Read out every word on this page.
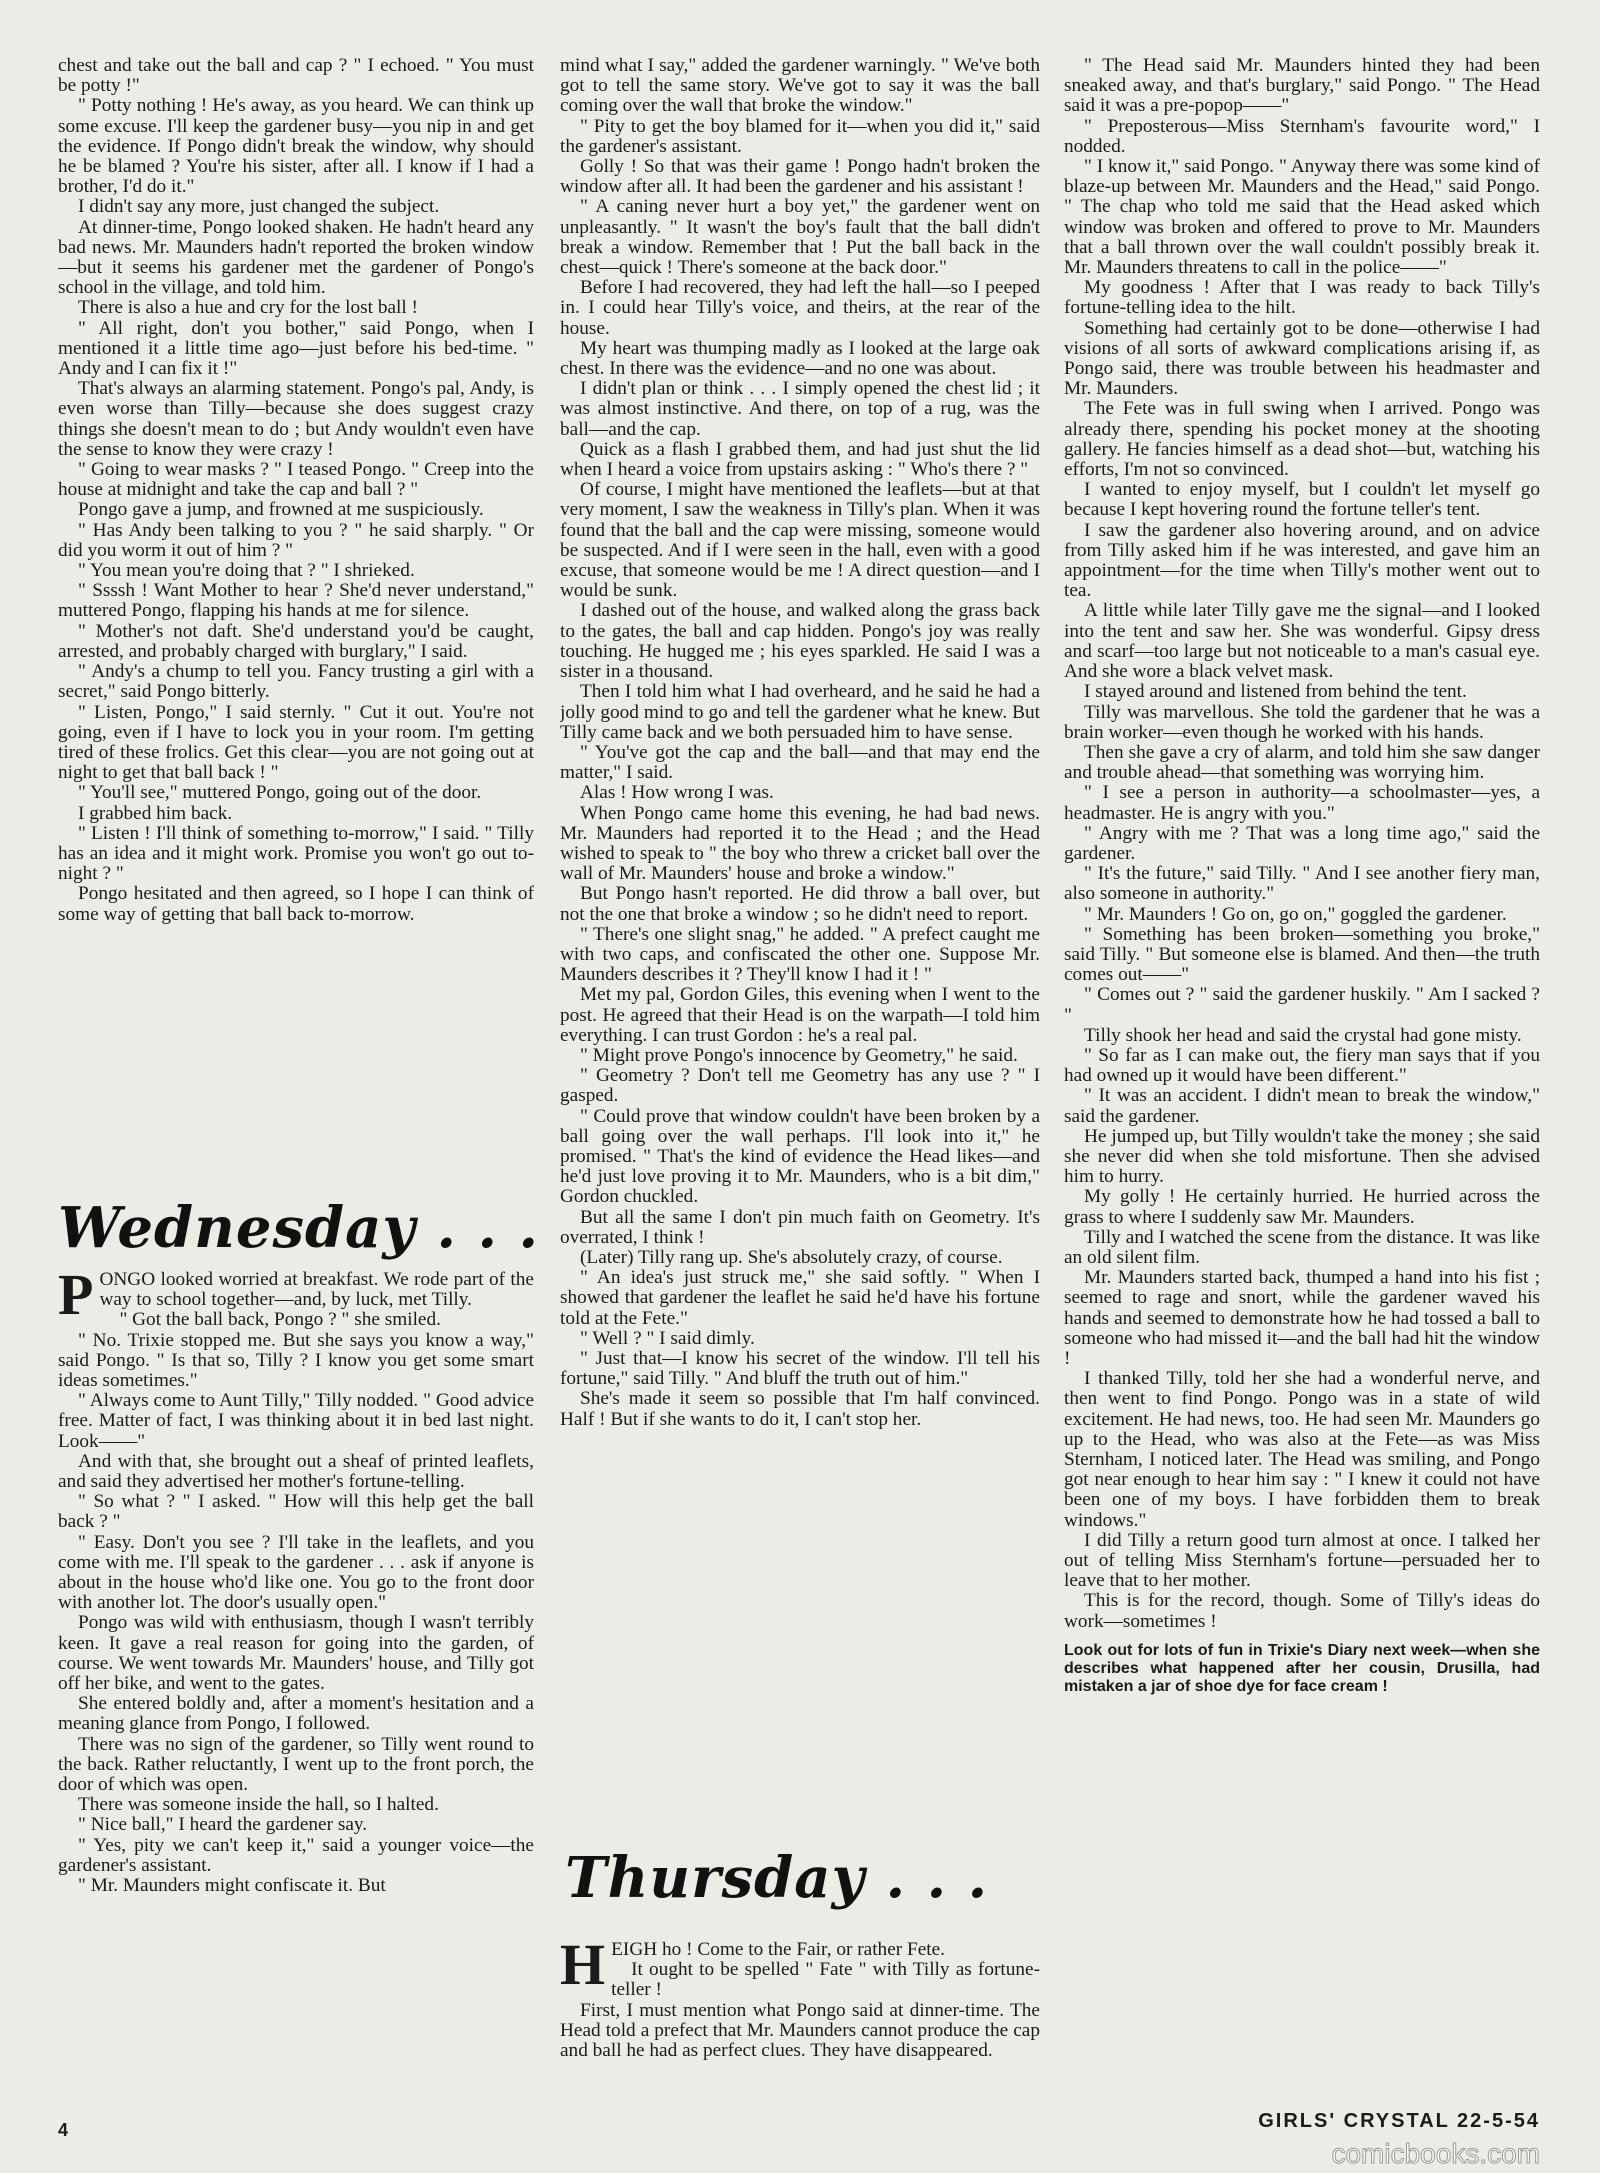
chest and take out the ball and cap ? " I echoed. " You must be potty !"

" Potty nothing ! He's away, as you heard. We can think up some excuse. I'll keep the gardener busy—you nip in and get the evidence. If Pongo didn't break the window, why should he be blamed ? You're his sister, after all. I know if I had a brother, I'd do it."

I didn't say any more, just changed the subject.

At dinner-time, Pongo looked shaken. He hadn't heard any bad news. Mr. Maunders hadn't reported the broken window—but it seems his gardener met the gardener of Pongo's school in the village, and told him.

There is also a hue and cry for the lost ball !

" All right, don't you bother," said Pongo, when I mentioned it a little time ago—just before his bed-time. " Andy and I can fix it !"

That's always an alarming statement. Pongo's pal, Andy, is even worse than Tilly—because she does suggest crazy things she doesn't mean to do ; but Andy wouldn't even have the sense to know they were crazy !

" Going to wear masks ? " I teased Pongo. " Creep into the house at midnight and take the cap and ball ? "

Pongo gave a jump, and frowned at me suspiciously.

" Has Andy been talking to you ? " he said sharply. " Or did you worm it out of him ? "

" You mean you're doing that ? " I shrieked.

" Ssssh ! Want Mother to hear ? She'd never understand," muttered Pongo, flapping his hands at me for silence.

" Mother's not daft. She'd understand you'd be caught, arrested, and probably charged with burglary," I said.

" Andy's a chump to tell you. Fancy trusting a girl with a secret," said Pongo bitterly.

" Listen, Pongo," I said sternly. " Cut it out. You're not going, even if I have to lock you in your room. I'm getting tired of these frolics. Get this clear—you are not going out at night to get that ball back ! "

" You'll see," muttered Pongo, going out of the door.

I grabbed him back.

" Listen ! I'll think of something to-morrow," I said. " Tilly has an idea and it might work. Promise you won't go out to-night ? "

Pongo hesitated and then agreed, so I hope I can think of some way of getting that ball back to-morrow.

Wednesday . . .

PONGO looked worried at breakfast. We rode part of the way to school together—and, by luck, met Tilly.

" Got the ball back, Pongo ? " she smiled.

" No. Trixie stopped me. But she says you know a way," said Pongo. " Is that so, Tilly ? I know you get some smart ideas sometimes."

" Always come to Aunt Tilly," Tilly nodded. " Good advice free. Matter of fact, I was thinking about it in bed last night. Look——"

And with that, she brought out a sheaf of printed leaflets, and said they advertised her mother's fortune-telling.

" So what ? " I asked. " How will this help get the ball back ? "

" Easy. Don't you see ? I'll take in the leaflets, and you come with me. I'll speak to the gardener . . . ask if anyone is about in the house who'd like one. You go to the front door with another lot. The door's usually open."

Pongo was wild with enthusiasm, though I wasn't terribly keen. It gave a real reason for going into the garden, of course. We went towards Mr. Maunders' house, and Tilly got off her bike, and went to the gates.

She entered boldly and, after a moment's hesitation and a meaning glance from Pongo, I followed.

There was no sign of the gardener, so Tilly went round to the back. Rather reluctantly, I went up to the front porch, the door of which was open.

There was someone inside the hall, so I halted.

" Nice ball," I heard the gardener say.

" Yes, pity we can't keep it," said a younger voice—the gardener's assistant.

" Mr. Maunders might confiscate it. But

mind what I say," added the gardener warningly. " We've both got to tell the same story. We've got to say it was the ball coming over the wall that broke the window."

" Pity to get the boy blamed for it—when you did it," said the gardener's assistant.

Golly ! So that was their game ! Pongo hadn't broken the window after all. It had been the gardener and his assistant !

" A caning never hurt a boy yet," the gardener went on unpleasantly. " It wasn't the boy's fault that the ball didn't break a window. Remember that ! Put the ball back in the chest—quick ! There's someone at the back door."

Before I had recovered, they had left the hall—so I peeped in. I could hear Tilly's voice, and theirs, at the rear of the house.

My heart was thumping madly as I looked at the large oak chest. In there was the evidence—and no one was about.

I didn't plan or think . . . I simply opened the chest lid ; it was almost instinctive. And there, on top of a rug, was the ball—and the cap.

Quick as a flash I grabbed them, and had just shut the lid when I heard a voice from upstairs asking : " Who's there ? "

Of course, I might have mentioned the leaflets—but at that very moment, I saw the weakness in Tilly's plan. When it was found that the ball and the cap were missing, someone would be suspected. And if I were seen in the hall, even with a good excuse, that someone would be me ! A direct question—and I would be sunk.

I dashed out of the house, and walked along the grass back to the gates, the ball and cap hidden. Pongo's joy was really touching. He hugged me ; his eyes sparkled. He said I was a sister in a thousand.

Then I told him what I had overheard, and he said he had a jolly good mind to go and tell the gardener what he knew. But Tilly came back and we both persuaded him to have sense.

" You've got the cap and the ball—and that may end the matter," I said.

Alas ! How wrong I was.

When Pongo came home this evening, he had bad news. Mr. Maunders had reported it to the Head ; and the Head wished to speak to " the boy who threw a cricket ball over the wall of Mr. Maunders' house and broke a window."

But Pongo hasn't reported. He did throw a ball over, but not the one that broke a window ; so he didn't need to report.

" There's one slight snag," he added. " A prefect caught me with two caps, and confiscated the other one. Suppose Mr. Maunders describes it ? They'll know I had it ! "

Met my pal, Gordon Giles, this evening when I went to the post. He agreed that their Head is on the warpath—I told him everything. I can trust Gordon : he's a real pal.

" Might prove Pongo's innocence by Geometry," he said.

" Geometry ? Don't tell me Geometry has any use ? " I gasped.

" Could prove that window couldn't have been broken by a ball going over the wall perhaps. I'll look into it," he promised. " That's the kind of evidence the Head likes—and he'd just love proving it to Mr. Maunders, who is a bit dim," Gordon chuckled.

But all the same I don't pin much faith on Geometry. It's overrated, I think !

(Later) Tilly rang up. She's absolutely crazy, of course.

" An idea's just struck me," she said softly. " When I showed that gardener the leaflet he said he'd have his fortune told at the Fete."

" Well ? " I said dimly.

" Just that—I know his secret of the window. I'll tell his fortune," said Tilly. " And bluff the truth out of him."

She's made it seem so possible that I'm half convinced. Half ! But if she wants to do it, I can't stop her.

Thursday . . .

HEIGH ho ! Come to the Fair, or rather Fete.

It ought to be spelled " Fate " with Tilly as fortune-teller !

First, I must mention what Pongo said at dinner-time. The Head told a prefect that Mr. Maunders cannot produce the cap and ball he had as perfect clues. They have disappeared.

" The Head said Mr. Maunders hinted they had been sneaked away, and that's burglary," said Pongo. " The Head said it was a pre-popop——"

" Preposterous—Miss Sternham's favourite word," I nodded.

" I know it," said Pongo. " Anyway there was some kind of blaze-up between Mr. Maunders and the Head," said Pongo. " The chap who told me said that the Head asked which window was broken and offered to prove to Mr. Maunders that a ball thrown over the wall couldn't possibly break it. Mr. Maunders threatens to call in the police——"

My goodness ! After that I was ready to back Tilly's fortune-telling idea to the hilt.

Something had certainly got to be done—otherwise I had visions of all sorts of awkward complications arising if, as Pongo said, there was trouble between his headmaster and Mr. Maunders.

The Fete was in full swing when I arrived. Pongo was already there, spending his pocket money at the shooting gallery. He fancies himself as a dead shot—but, watching his efforts, I'm not so convinced.

I wanted to enjoy myself, but I couldn't let myself go because I kept hovering round the fortune teller's tent.

I saw the gardener also hovering around, and on advice from Tilly asked him if he was interested, and gave him an appointment—for the time when Tilly's mother went out to tea.

A little while later Tilly gave me the signal—and I looked into the tent and saw her. She was wonderful. Gipsy dress and scarf—too large but not noticeable to a man's casual eye. And she wore a black velvet mask.

I stayed around and listened from behind the tent.

Tilly was marvellous. She told the gardener that he was a brain worker—even though he worked with his hands.

Then she gave a cry of alarm, and told him she saw danger and trouble ahead—that something was worrying him.

" I see a person in authority—a schoolmaster—yes, a headmaster. He is angry with you."

" Angry with me ? That was a long time ago," said the gardener.

" It's the future," said Tilly. " And I see another fiery man, also someone in authority."

" Mr. Maunders ! Go on, go on," goggled the gardener.

" Something has been broken—something you broke," said Tilly. " But someone else is blamed. And then—the truth comes out——"

" Comes out ? " said the gardener huskily. " Am I sacked ? "

Tilly shook her head and said the crystal had gone misty.

" So far as I can make out, the fiery man says that if you had owned up it would have been different."

" It was an accident. I didn't mean to break the window," said the gardener.

He jumped up, but Tilly wouldn't take the money ; she said she never did when she told misfortune. Then she advised him to hurry.

My golly ! He certainly hurried. He hurried across the grass to where I suddenly saw Mr. Maunders.

Tilly and I watched the scene from the distance. It was like an old silent film.

Mr. Maunders started back, thumped a hand into his fist ; seemed to rage and snort, while the gardener waved his hands and seemed to demonstrate how he had tossed a ball to someone who had missed it—and the ball had hit the window !

I thanked Tilly, told her she had a wonderful nerve, and then went to find Pongo. Pongo was in a state of wild excitement. He had news, too. He had seen Mr. Maunders go up to the Head, who was also at the Fete—as was Miss Sternham, I noticed later. The Head was smiling, and Pongo got near enough to hear him say : " I knew it could not have been one of my boys. I have forbidden them to break windows."

I did Tilly a return good turn almost at once. I talked her out of telling Miss Sternham's fortune—persuaded her to leave that to her mother.

This is for the record, though. Some of Tilly's ideas do work—sometimes !

Look out for lots of fun in Trixie's Diary next week—when she describes what happened after her cousin, Drusilla, had mistaken a jar of shoe dye for face cream !

4	GIRLS' CRYSTAL 22-5-54
comicbooks.com
